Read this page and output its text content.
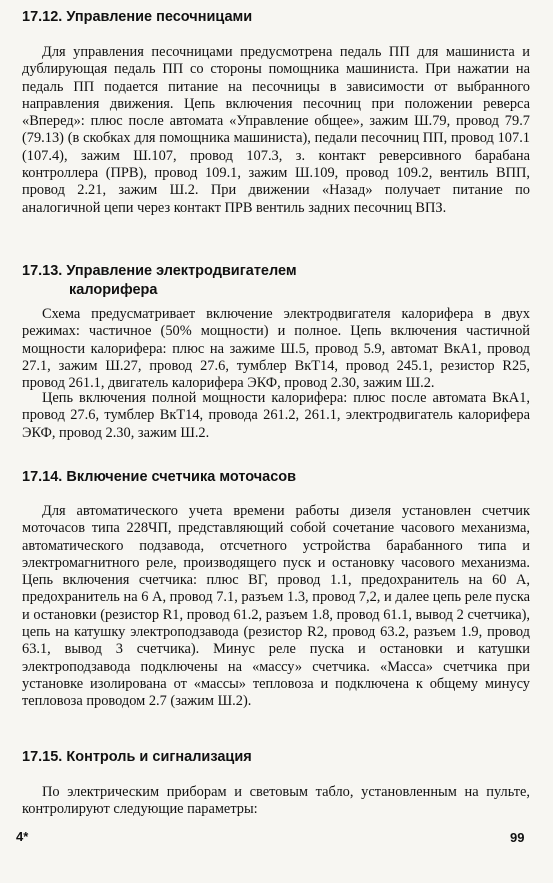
17.12. Управление песочницами
Для управления песочницами предусмотрена педаль ПП для машиниста и дублирующая педаль ПП со стороны помощника машиниста. При нажатии на педаль ПП подается питание на песочницы в зависимости от выбранного направления движения. Цепь включения песочниц при положении реверса «Вперед»: плюс после автомата «Управление общее», зажим Ш.79, провод 79.7 (79.13) (в скобках для помощника машиниста), педали песочниц ПП, провод 107.1 (107.4), зажим Ш.107, провод 107.3, з. контакт реверсивного барабана контроллера (ПРВ), провод 109.1, зажим Ш.109, провод 109.2, вентиль ВПП, провод 2.21, зажим Ш.2. При движении «Назад» получает питание по аналогичной цепи через контакт ПРВ вентиль задних песочниц ВПЗ.
17.13. Управление электродвигателем
калорифера
Схема предусматривает включение электродвигателя калорифера в двух режимах: частичное (50% мощности) и полное. Цепь включения частичной мощности калорифера: плюс на зажиме Ш.5, провод 5.9, автомат ВкА1, провод 27.1, зажим Ш.27, провод 27.6, тумблер ВкТ14, провод 245.1, резистор R25, провод 261.1, двигатель калорифера ЭКФ, провод 2.30, зажим Ш.2.
Цепь включения полной мощности калорифера: плюс после автомата ВкА1, провод 27.6, тумблер ВкТ14, провода 261.2, 261.1, электродвигатель калорифера ЭКФ, провод 2.30, зажим Ш.2.
17.14. Включение счетчика моточасов
Для автоматического учета времени работы дизеля установлен счетчик моточасов типа 228ЧП, представляющий собой сочетание часового механизма, автоматического подзавода, отсчетного устройства барабанного типа и электромагнитного реле, производящего пуск и остановку часового механизма. Цепь включения счетчика: плюс ВГ, провод 1.1, предохранитель на 60 А, предохранитель на 6 А, провод 7.1, разъем 1.3, провод 7,2, и далее цепь реле пуска и остановки (резистор R1, провод 61.2, разъем 1.8, провод 61.1, вывод 2 счетчика), цепь на катушку электроподзавода (резистор R2, провод 63.2, разъем 1.9, провод 63.1, вывод 3 счетчика). Минус реле пуска и остановки и катушки электроподзавода подключены на «массу» счетчика. «Масса» счетчика при установке изолирована от «массы» тепловоза и подключена к общему минусу тепловоза проводом 2.7 (зажим Ш.2).
17.15. Контроль и сигнализация
По электрическим приборам и световым табло, установленным на пульте, контролируют следующие параметры:
4*	99
